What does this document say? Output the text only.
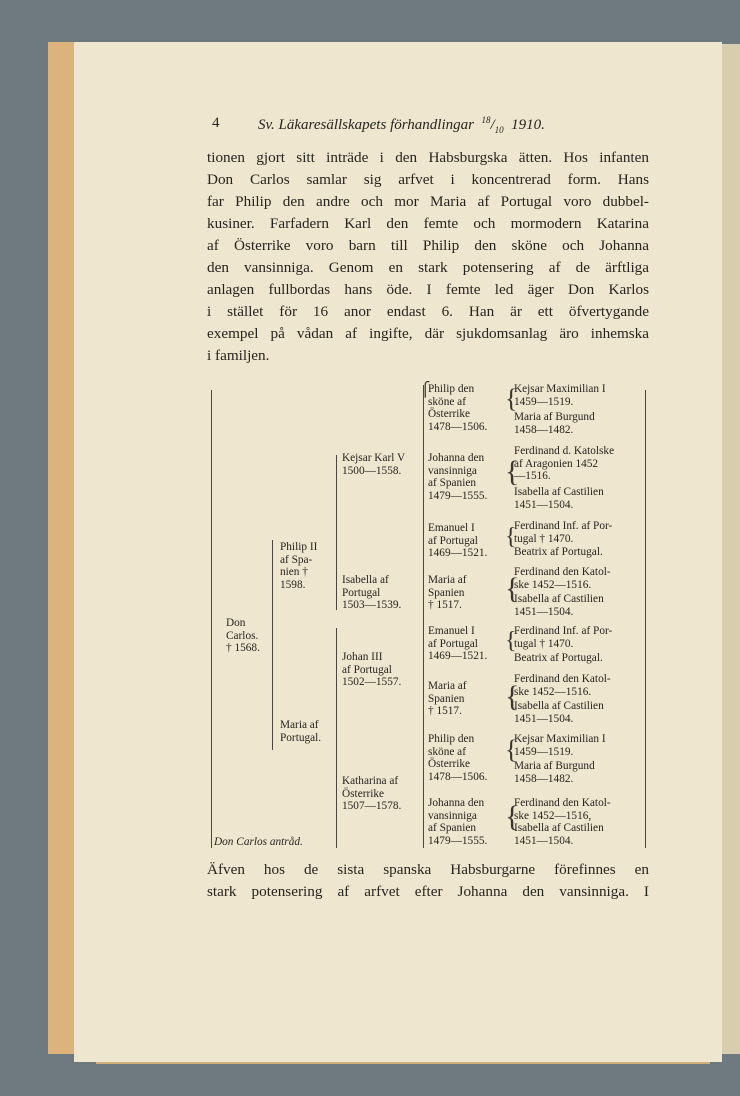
4	Sv. Läkaresällskapets förhandlingar $^{18}/_{10}$ 1910.
tionen gjort sitt inträde i den Habsburgska ätten. Hos infanten
Don Carlos samlar sig arfvet i koncentrerad form. Hans
far Philip den andre och mor Maria af Portugal voro dubbel-
kusiner. Farfadern Karl den femte och mormodern Katarina
af Österrike voro barn till Philip den sköne och Johanna
den vansinniga. Genom en stark potensering af de ärftliga
anlagen fullbordas hans öde. I femte led äger Don Karlos
i stället för 16 anor endast 6. Han är ett öfvertygande
exempel på vådan af ingifte, där sjukdomsanlag äro inhemska
i familjen.
Don
Carlos.
† 1568.
Philip II
af Spa-
nien †
1598.
Maria af
Portugal.
Kejsar Karl V
1500—1558.
Isabella af
Portugal
1503—1539.
Johan III
af Portugal
1502—1557.
Katharina af
Österrike
1507—1578.
Philip den
sköne af
Österrike
1478—1506.
Johanna den
vansinniga
af Spanien
1479—1555.
Emanuel I
af Portugal
1469—1521.
Maria af
Spanien
† 1517.
Emanuel I
af Portugal
1469—1521.
Maria af
Spanien
† 1517.
Philip den
sköne af
Österrike
1478—1506.
Johanna den
vansinniga
af Spanien
1479—1555.
Kejsar Maximilian I
1459—1519.
Maria af Burgund
1458—1482.
Ferdinand d. Katolske
af Aragonien 1452
—1516.
Isabella af Castilien
1451—1504.
Ferdinand Inf. af Por-
tugal † 1470.
Beatrix af Portugal.
Ferdinand den Katol-
ske 1452—1516.
Isabella af Castilien
1451—1504.
Ferdinand Inf. af Por-
tugal † 1470.
Beatrix af Portugal.
Ferdinand den Katol-
ske 1452—1516.
Isabella af Castilien
1451—1504.
Kejsar Maximilian I
1459—1519.
Maria af Burgund
1458—1482.
Ferdinand den Katol-
ske 1452—1516,
Isabella af Castilien
1451—1504.
⎧	{
{
{
{
{
{
{
{
Don Carlos antråd.
Äfven hos de sista spanska Habsburgarne förefinnes en
stark potensering af arfvet efter Johanna den vansinniga. I
